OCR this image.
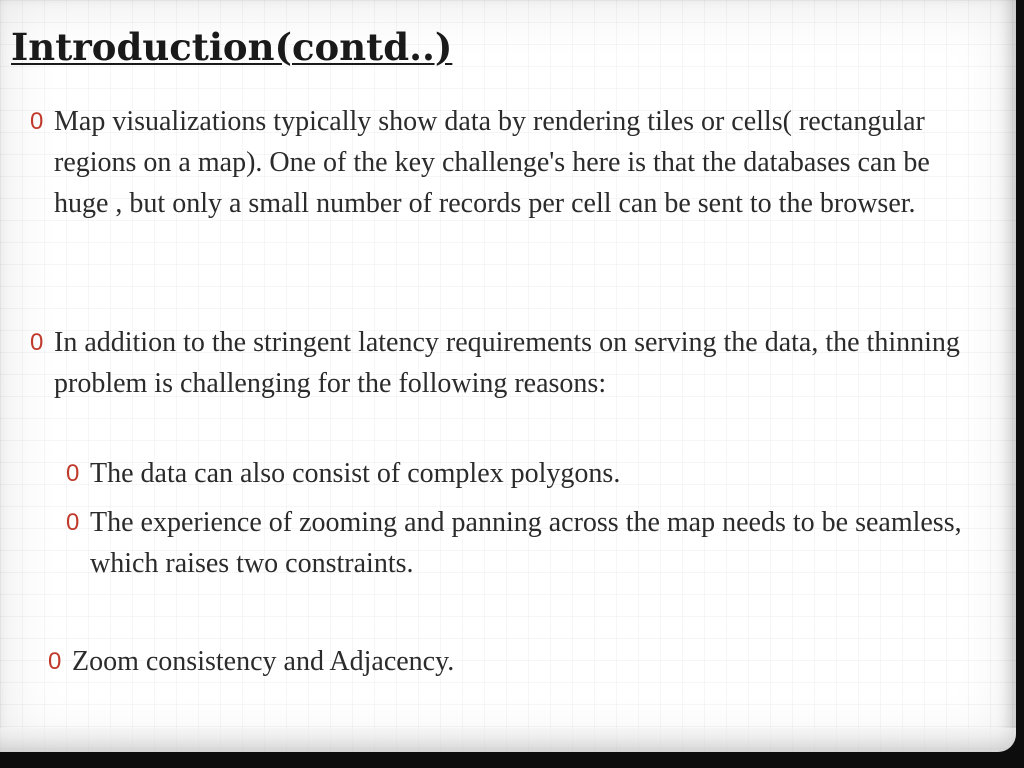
Introduction(contd..)
0 Map visualizations typically show data by rendering tiles or cells( rectangular regions on a map). One of the key challenge's here is that the databases can be huge , but only a small number of records per cell can be sent to the browser.
0 In addition to the stringent latency requirements on serving the data, the thinning problem is challenging for the following reasons:
0 The data can also consist of complex polygons.
0 The experience of zooming and panning across the map needs to be seamless, which raises two constraints.
0 Zoom consistency and Adjacency.
